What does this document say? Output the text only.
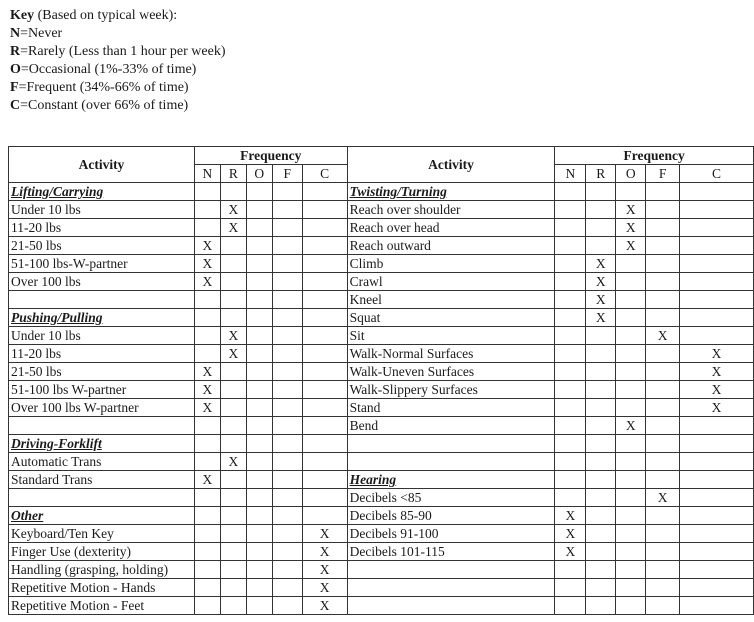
Key (Based on typical week):
N=Never
R=Rarely (Less than 1 hour per week)
O=Occasional (1%-33% of time)
F=Frequent (34%-66% of time)
C=Constant (over 66% of time)
Activity	Frequency					Activity	Frequency				
	N	R	O	F	C		N	R	O	F	C
Lifting/Carrying						Twisting/Turning					
Under 10 lbs		X				Reach over shoulder			X		
11-20 lbs		X				Reach over head			X		
21-50 lbs	X					Reach outward			X		
51-100 lbs-W-partner	X					Climb		X			
Over 100 lbs	X					Crawl		X			
						Kneel		X			
Pushing/Pulling						Squat		X			
Under 10 lbs		X				Sit				X	
11-20 lbs		X				Walk-Normal Surfaces					X
21-50 lbs	X					Walk-Uneven Surfaces					X
51-100 lbs W-partner	X					Walk-Slippery Surfaces					X
Over 100 lbs W-partner	X					Stand					X
						Bend			X		
Driving-Forklift											
Automatic Trans		X									
Standard Trans	X					Hearing					
						Decibels <85				X	
Other						Decibels 85-90	X				
Keyboard/Ten Key					X	Decibels 91-100	X				
Finger Use (dexterity)					X	Decibels 101-115	X				
Handling (grasping, holding)					X						
Repetitive Motion - Hands					X						
Repetitive Motion - Feet					X						
